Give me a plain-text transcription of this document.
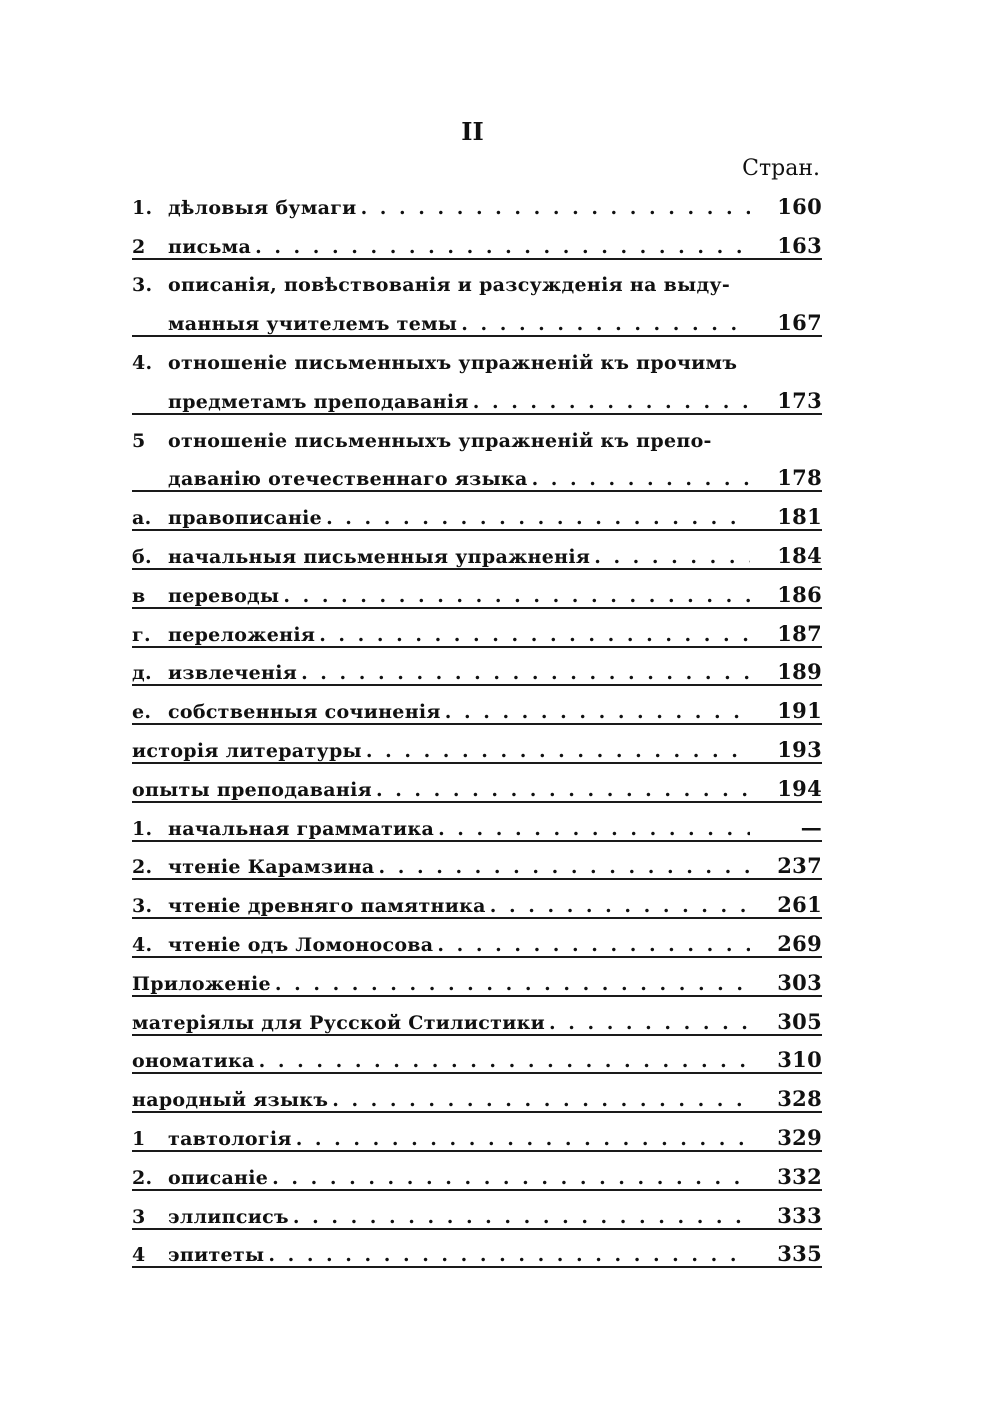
II
Стран.
1. дѣловыя бумаги . . .	160
2	письма . . .	163
3. описанія, повѣствованія и разсужденія на выду-
манныя учителемъ темы . . .	167
4. отношеніе письменныхъ упражненій къ прочимъ
предметамъ преподаванія . . .	173
5	отношеніе письменныхъ упражненій къ препо-
даванію отечественнаго языка . . .	178
а. правописаніе . . .	181
б. начальныя письменныя упражненія . . .	184
в	переводы . . .	186
г. переложенія . . .	187
д. извлеченія . . .	189
е. собственныя сочиненія . . .	191
исторія литературы . . .	193
опыты преподаванія . . .	194
1. начальная грамматика . . .	—
2. чтеніе Карамзина . . .	237
3. чтеніе древняго памятника . . .	261
4. чтеніе одъ Ломоносова . . .	269
Приложеніе . . .	303
матеріялы для Русской Стилистики . . .	305
ономатика . . .	310
народный языкъ . . .	328
1	тавтологія . . .	329
2. описаніе . . .	332
3	эллипсисъ . . .	333
4	эпитеты . . .	335
